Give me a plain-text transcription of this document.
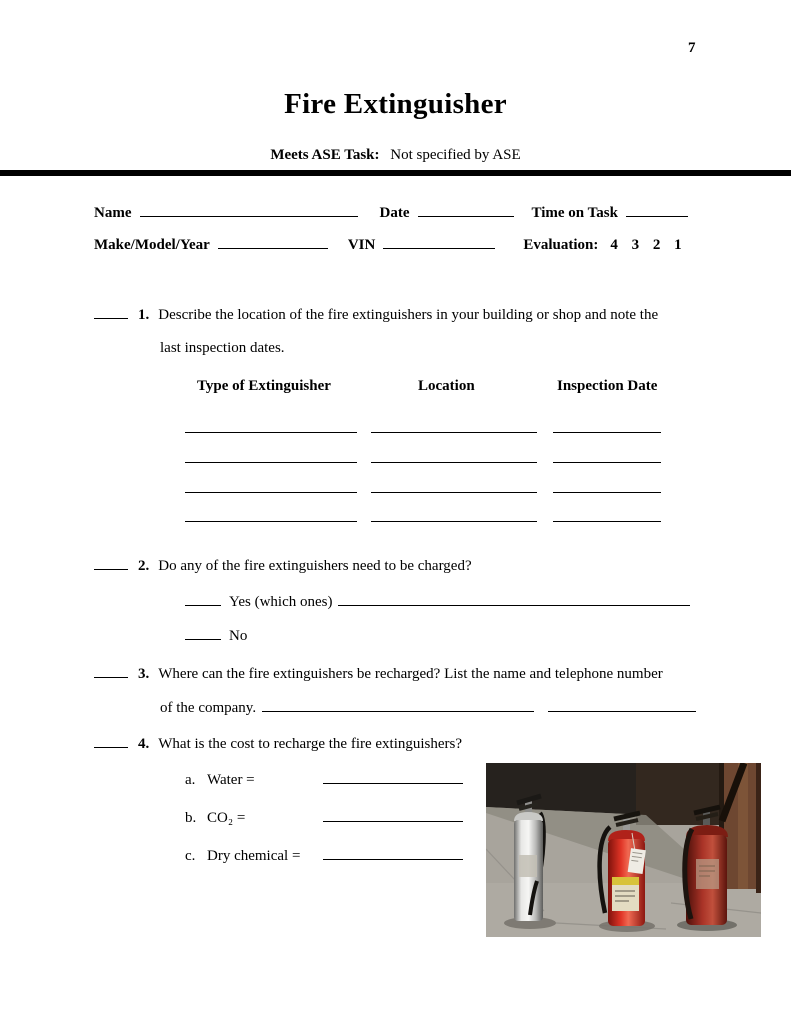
7
Fire Extinguisher
Meets ASE Task: Not specified by ASE
Name	Date	Time on Task
Make/Model/Year	VIN	Evaluation: 4 3 2 1
1. Describe the location of the fire extinguishers in your building or shop and note the
last inspection dates.
Type of Extinguisher	Location	Inspection Date
2. Do any of the fire extinguishers need to be charged?
Yes (which ones)
No
3. Where can the fire extinguishers be recharged? List the name and telephone number
of the company.
4. What is the cost to recharge the fire extinguishers?
a. Water =
b. CO₂ =
c. Dry chemical =
